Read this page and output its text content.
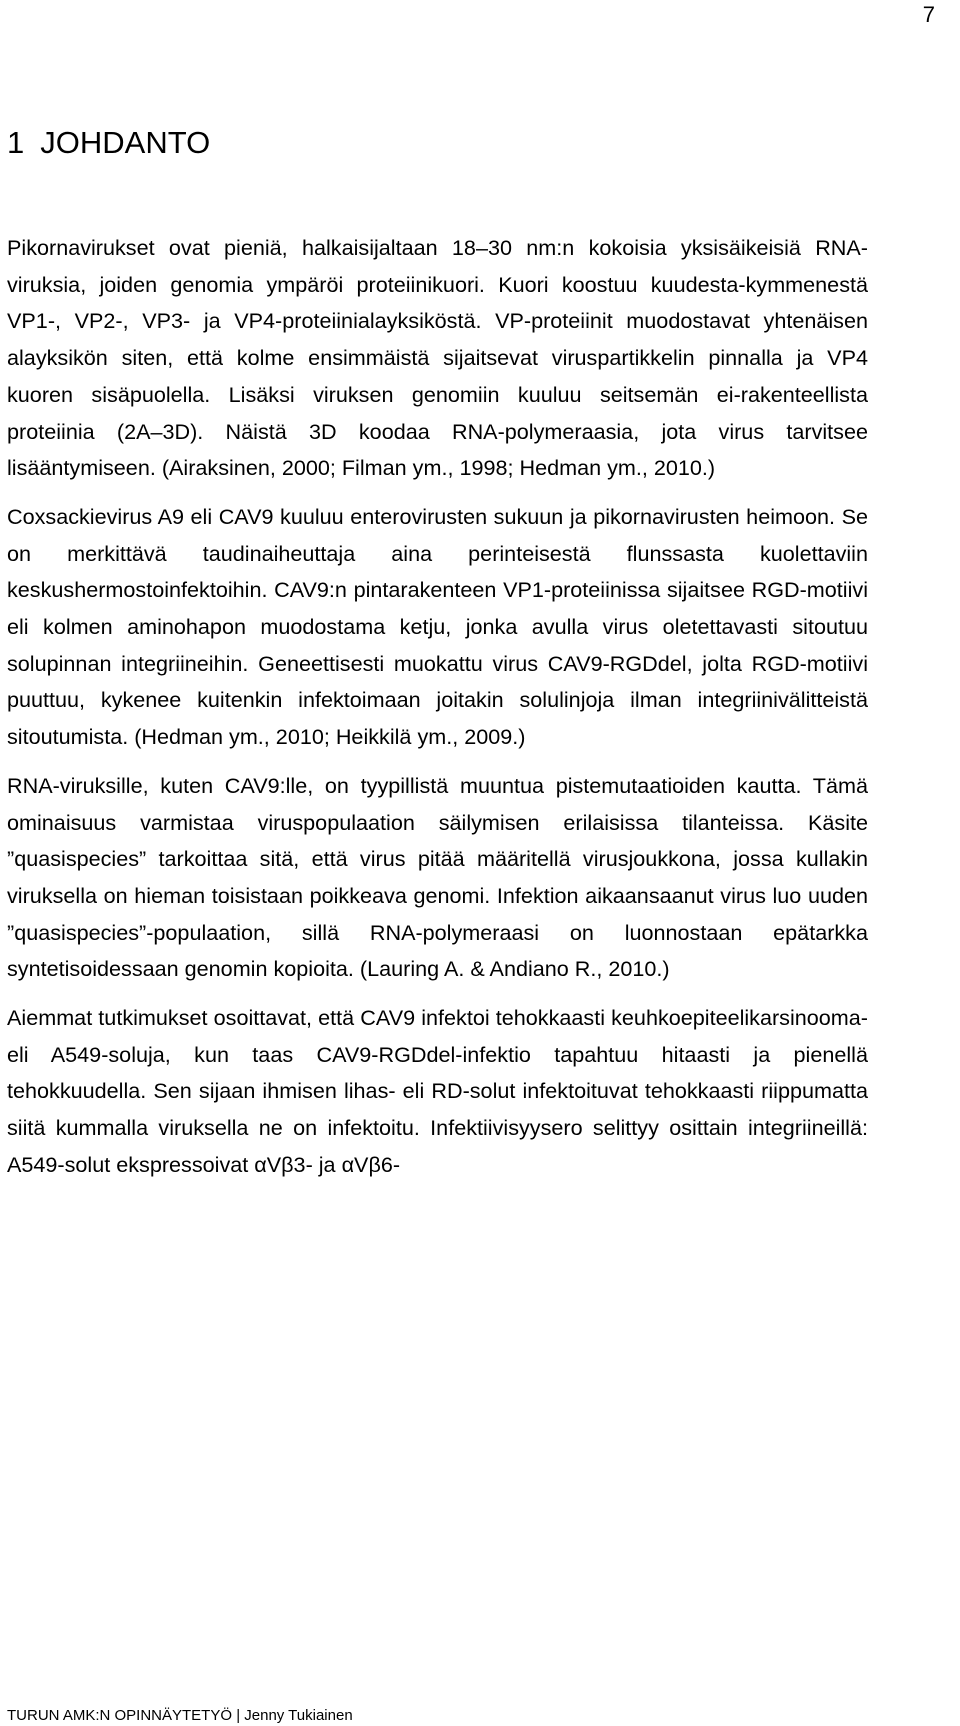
7
1 JOHDANTO

Pikornavirukset ovat pieniä, halkaisijaltaan 18–30 nm:n kokoisia yksisäikeisiä RNA-viruksia, joiden genomia ympäröi proteiinikuori. Kuori koostuu kuudesta-kymmenestä VP1-, VP2-, VP3- ja VP4-proteiinialayksiköstä. VP-proteiinit muodostavat yhtenäisen alayksikön siten, että kolme ensimmäistä sijaitsevat viruspartikkelin pinnalla ja VP4 kuoren sisäpuolella. Lisäksi viruksen genomiin kuuluu seitsemän ei-rakenteellista proteiinia (2A–3D). Näistä 3D koodaa RNA-polymeraasia, jota virus tarvitsee lisääntymiseen. (Airaksinen, 2000; Filman ym., 1998; Hedman ym., 2010.)

Coxsackievirus A9 eli CAV9 kuuluu enterovirusten sukuun ja pikornavirusten heimoon. Se on merkittävä taudinaiheuttaja aina perinteisestä flunssasta kuolettaviin keskushermostoinfektoihin. CAV9:n pintarakenteen VP1-proteiinissa sijaitsee RGD-motiivi eli kolmen aminohapon muodostama ketju, jonka avulla virus oletettavasti sitoutuu solupinnan integriineihin. Geneettisesti muokattu virus CAV9-RGDdel, jolta RGD-motiivi puuttuu, kykenee kuitenkin infektoimaan joitakin solulinjoja ilman integriinivälitteistä sitoutumista. (Hedman ym., 2010; Heikkilä ym., 2009.)

RNA-viruksille, kuten CAV9:lle, on tyypillistä muuntua pistemutaatioiden kautta. Tämä ominaisuus varmistaa viruspopulaation säilymisen erilaisissa tilanteissa. Käsite ”quasispecies” tarkoittaa sitä, että virus pitää määritellä virusjoukkona, jossa kullakin viruksella on hieman toisistaan poikkeava genomi. Infektion aikaansaanut virus luo uuden ”quasispecies”-populaation, sillä RNA-polymeraasi on luonnostaan epätarkka syntetisoidessaan genomin kopioita. (Lauring A. & Andiano R., 2010.)

Aiemmat tutkimukset osoittavat, että CAV9 infektoi tehokkaasti keuhkoepiteelikarsinooma- eli A549-soluja, kun taas CAV9-RGDdel-infektio tapahtuu hitaasti ja pienellä tehokkuudella. Sen sijaan ihmisen lihas- eli RD-solut infektoituvat tehokkaasti riippumatta siitä kummalla viruksella ne on infektoitu. Infektiivisyysero selittyy osittain integriineillä: A549-solut ekspressoivat αVβ3- ja αVβ6-

TURUN AMK:N OPINNÄYTETYÖ | Jenny Tukiainen
